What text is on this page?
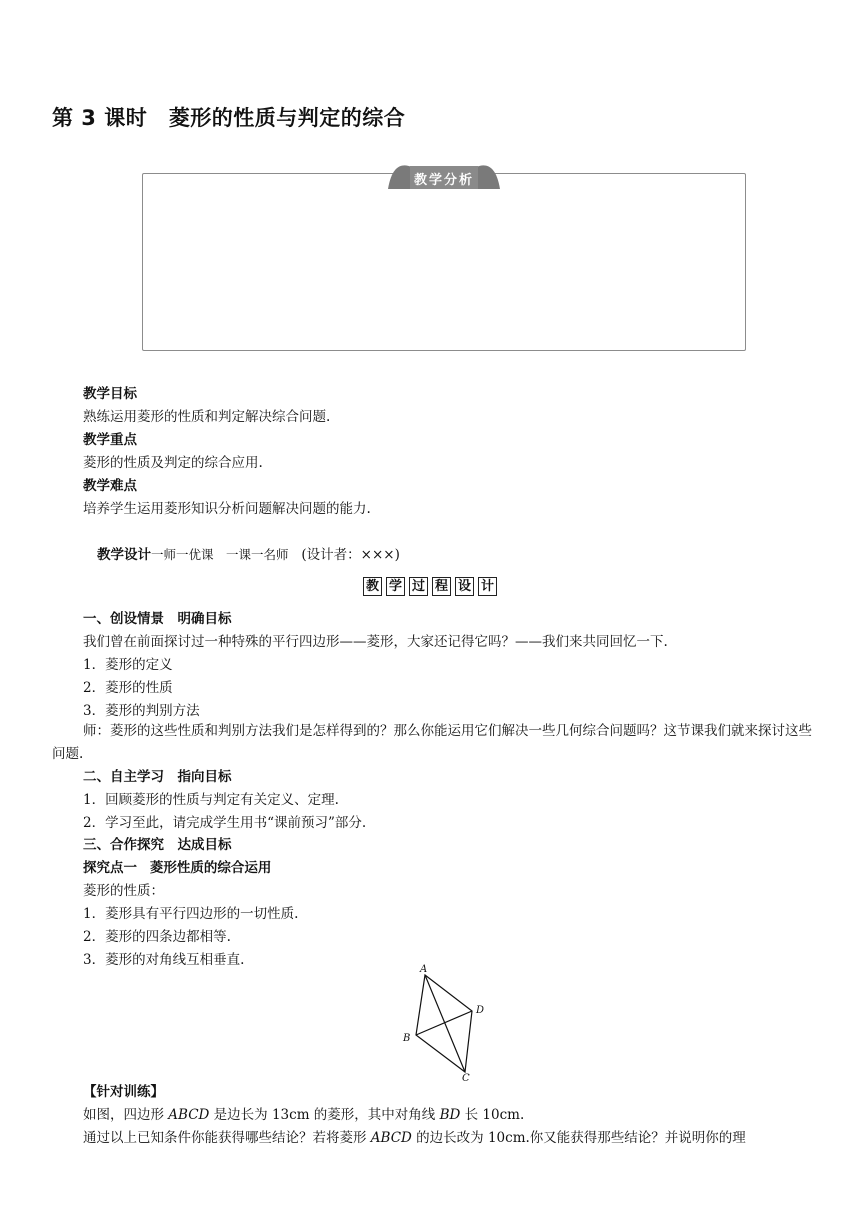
第 3 课时　菱形的性质与判定的综合
教学分析
教学目标
熟练运用菱形的性质和判定解决综合问题.
教学重点
菱形的性质及判定的综合应用.
教学难点
培养学生运用菱形知识分析问题解决问题的能力.
教学设计一师一优课　一课一名师 (设计者：×××)
教 学 过 程 设 计
一、创设情景　明确目标
我们曾在前面探讨过一种特殊的平行四边形——菱形，大家还记得它吗？——我们来共同回忆一下.
1．菱形的定义
2．菱形的性质
3．菱形的判别方法
师：菱形的这些性质和判别方法我们是怎样得到的？那么你能运用它们解决一些几何综合问题吗？这节课我们就来探讨这些问题.
二、自主学习　指向目标
1．回顾菱形的性质与判定有关定义、定理.
2．学习至此，请完成学生用书“课前预习”部分.
三、合作探究　达成目标
探究点一 菱形性质的综合运用
菱形的性质：
1．菱形具有平行四边形的一切性质.
2．菱形的四条边都相等.
3．菱形的对角线互相垂直.
A
B
C
D
【针对训练】
如图，四边形 ABCD 是边长为 13cm 的菱形，其中对角线 BD 长 10cm.
通过以上已知条件你能获得哪些结论？若将菱形 ABCD 的边长改为 10cm.你又能获得那些结论？并说明你的理
